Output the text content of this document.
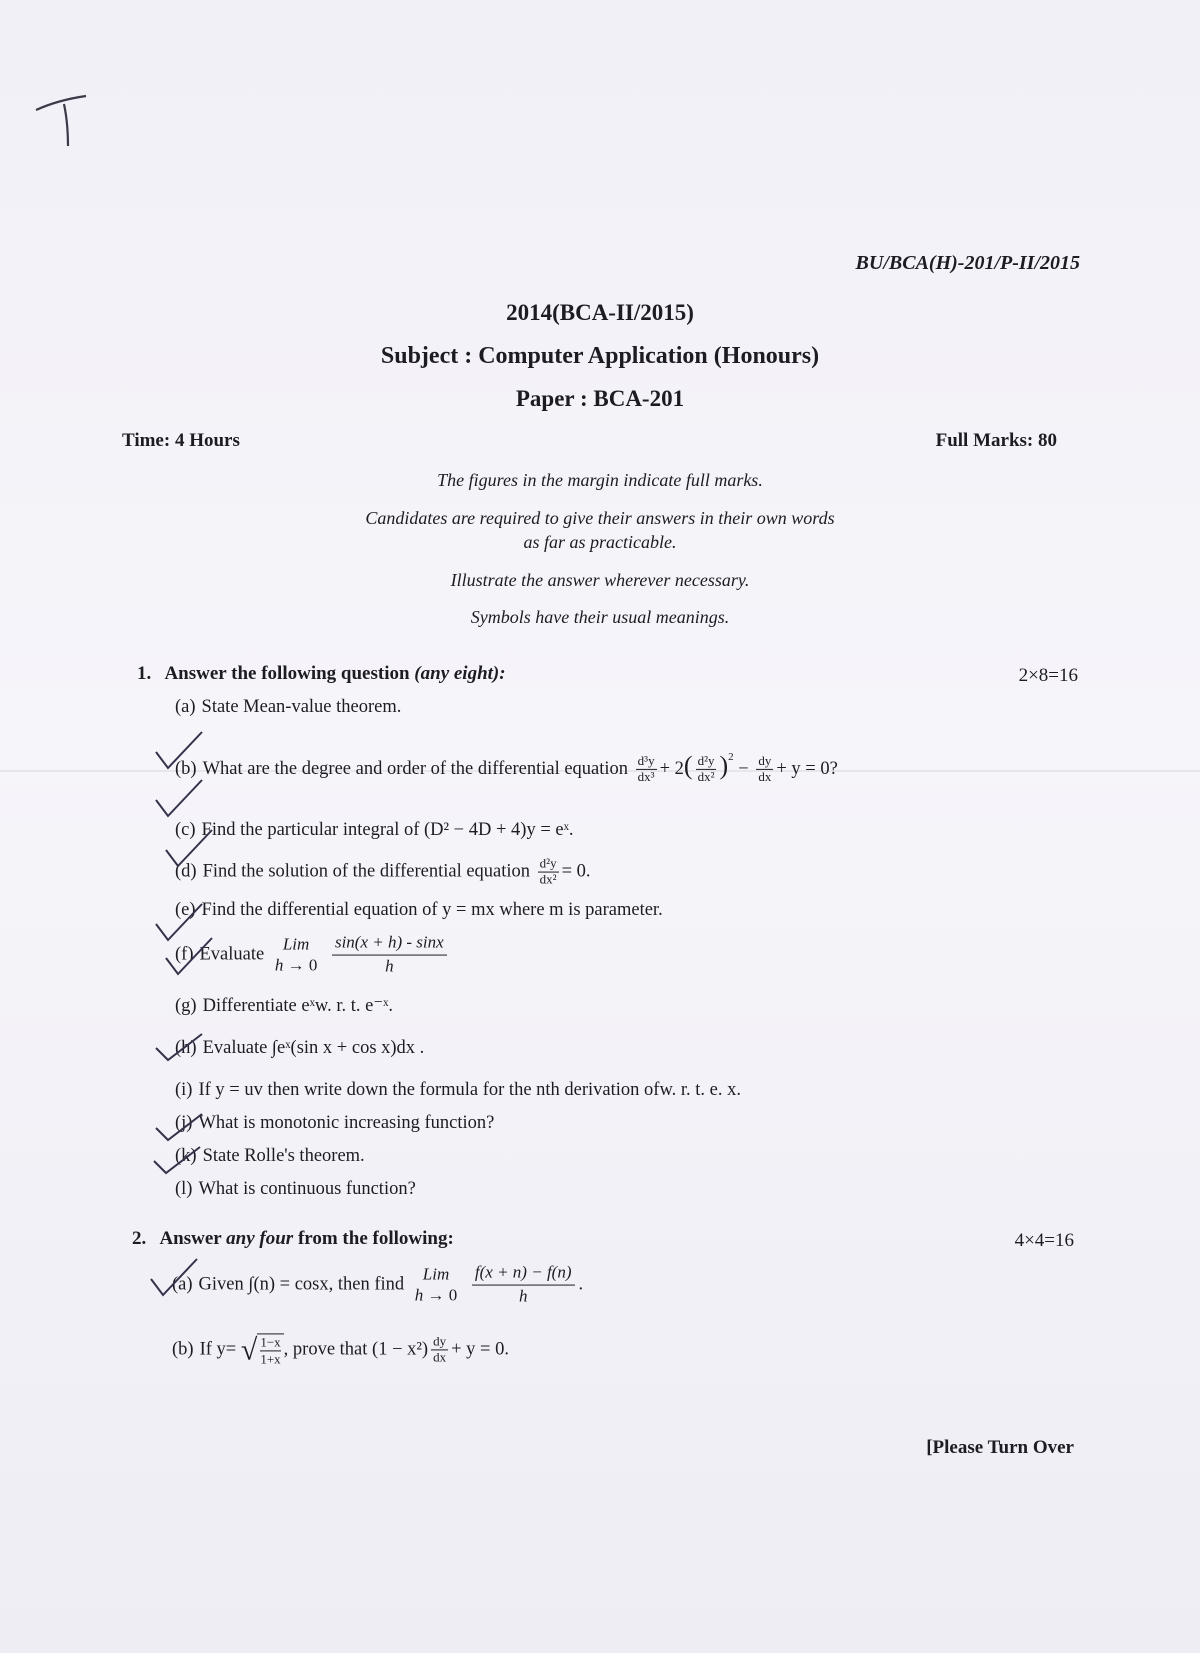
BU/BCA(H)-201/P-II/2015
2014(BCA-II/2015)
Subject : Computer Application (Honours)
Paper : BCA-201
Time: 4 Hours	Full Marks: 80
The figures in the margin indicate full marks.
Candidates are required to give their answers in their own words
as far as practicable.
Illustrate the answer wherever necessary.
Symbols have their usual meanings.
1. Answer the following question (any eight):	2×8=16
(a) State Mean-value theorem.
(b) What are the degree and order of the differential equation $\frac{\text{d³y}}{\text{dx³}} + 2( \frac{\text{d²y}}{\text{dx²}} )^2 - \frac{dy}{dx} + y = 0$?
(c) Find the particular integral of (D² − 4D + 4)y = eˣ.
(d) Find the solution of the differential equation $\frac{\text{d²y}}{\text{dx²}} = 0$.
(e) Find the differential equation of y = mx where m is parameter.
(f) Evaluate Lim
h → 0
$\frac{\sin(x + h) - \sin x}{h}$
(g) Differentiate eˣw. r. t. e⁻ˣ.
(h) Evaluate ∫eˣ(sin x + cos x)dx .
(i) If y = uv then write down the formula for the nth derivation ofw. r. t. e. x.
(j) What is monotonic increasing function?
(k) State Rolle's theorem.
(l) What is continuous function?
2. Answer any four from the following:	4×4=16
(a) Given ∫(n) = cosx, then find Lim
h → 0
$\frac{f(x + n) - f(n)}{h}$ .
(b) If y= √ 1−x
1+x , prove that $(1 - x^2) \frac{dy}{dx} + y = 0$.
[Please Turn Over
